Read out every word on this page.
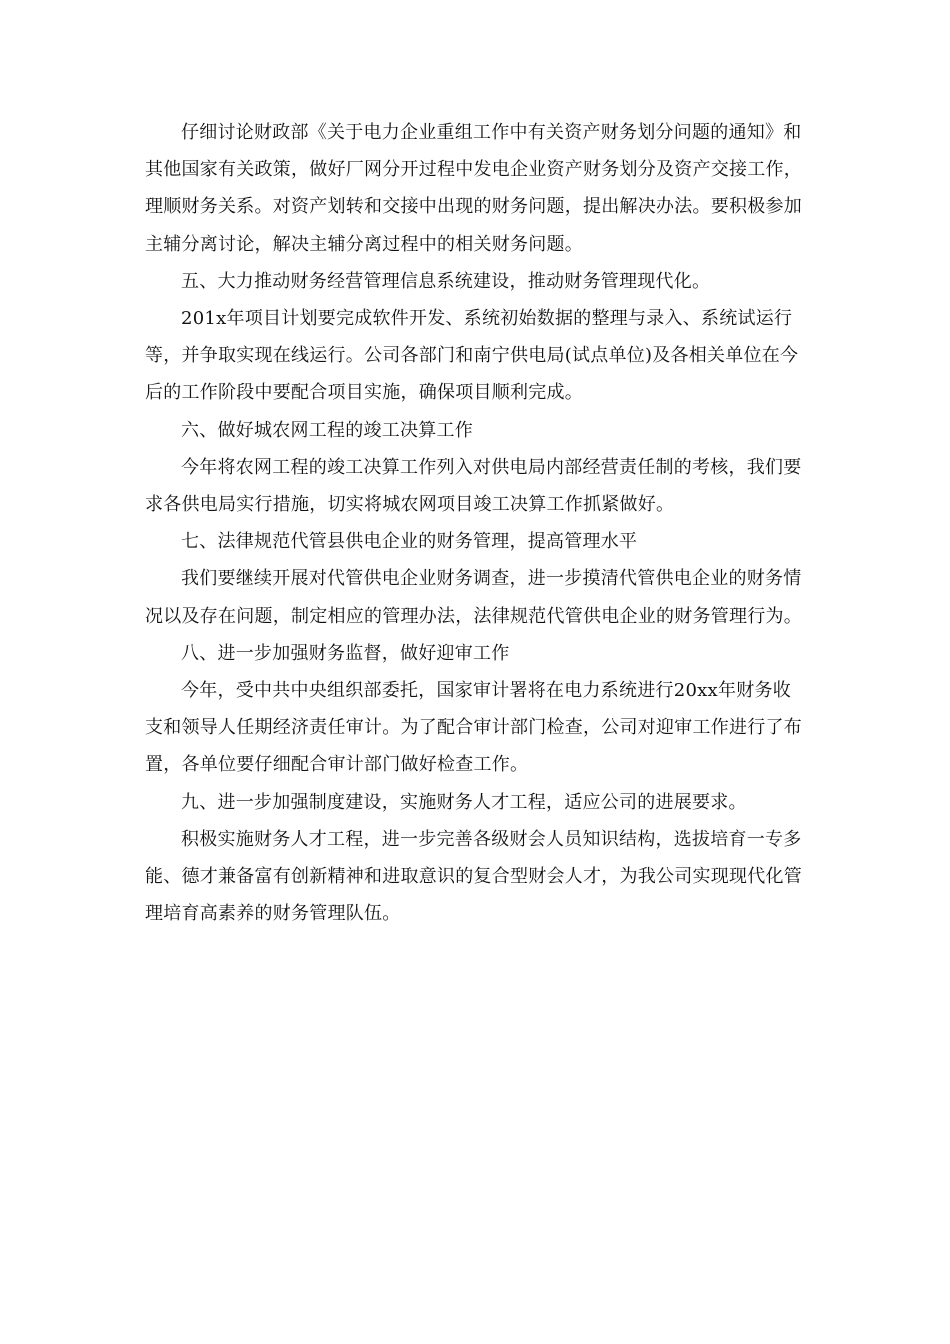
仔细讨论财政部《关于电力企业重组工作中有关资产财务划分问题的通知》和其他国家有关政策，做好厂网分开过程中发电企业资产财务划分及资产交接工作，理顺财务关系。对资产划转和交接中出现的财务问题，提出解决办法。要积极参加主辅分离讨论，解决主辅分离过程中的相关财务问题。

五、大力推动财务经营管理信息系统建设，推动财务管理现代化。

201x年项目计划要完成软件开发、系统初始数据的整理与录入、系统试运行等，并争取实现在线运行。公司各部门和南宁供电局(试点单位)及各相关单位在今后的工作阶段中要配合项目实施，确保项目顺利完成。

六、做好城农网工程的竣工决算工作

今年将农网工程的竣工决算工作列入对供电局内部经营责任制的考核，我们要求各供电局实行措施，切实将城农网项目竣工决算工作抓紧做好。

七、法律规范代管县供电企业的财务管理，提高管理水平

我们要继续开展对代管供电企业财务调查，进一步摸清代管供电企业的财务情况以及存在问题，制定相应的管理办法，法律规范代管供电企业的财务管理行为。

八、进一步加强财务监督，做好迎审工作

今年，受中共中央组织部委托，国家审计署将在电力系统进行20xx年财务收支和领导人任期经济责任审计。为了配合审计部门检查，公司对迎审工作进行了布置，各单位要仔细配合审计部门做好检查工作。

九、进一步加强制度建设，实施财务人才工程，适应公司的进展要求。

积极实施财务人才工程，进一步完善各级财会人员知识结构，选拔培育一专多能、德才兼备富有创新精神和进取意识的复合型财会人才，为我公司实现现代化管理培育高素养的财务管理队伍。
